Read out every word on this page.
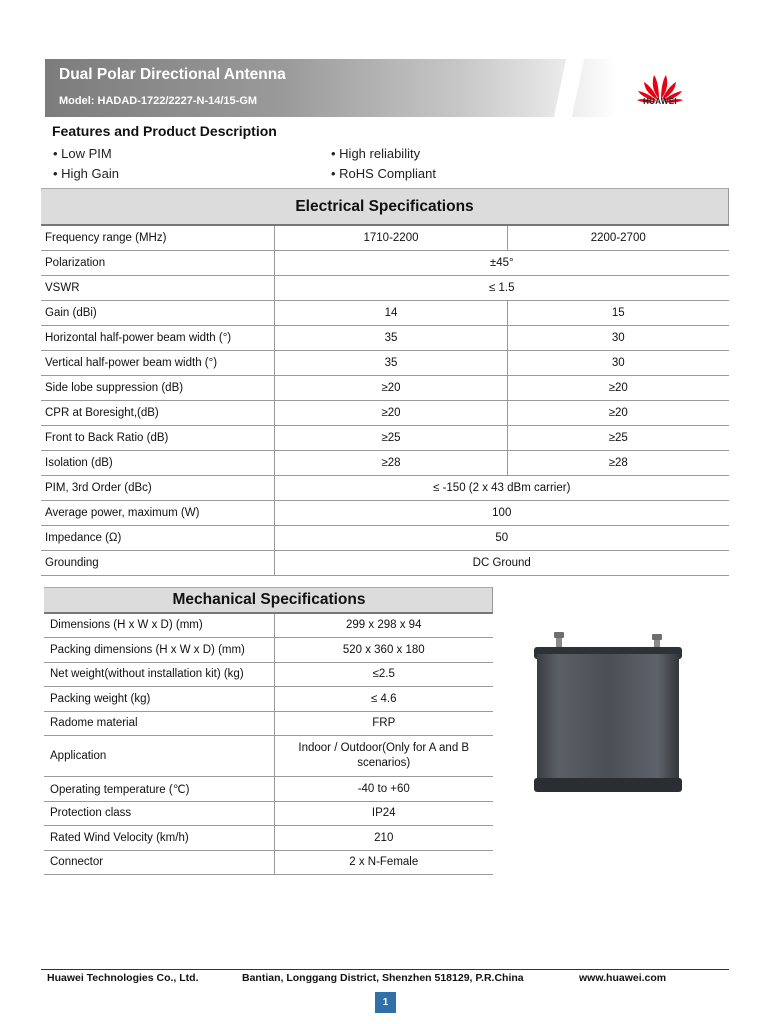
Dual Polar Directional Antenna
Model: HADAD-1722/2227-N-14/15-GM	HUAWEI
Features and Product Description
• Low PIM	• High reliability
• High Gain	• RoHS Compliant
Electrical Specifications		
Frequency range (MHz)	1710-2200	2200-2700
Polarization	±45°	
VSWR	≤ 1.5	
Gain (dBi)	14	15
Horizontal half-power beam width (°)	35	30
Vertical half-power beam width (°)	35	30
Side lobe suppression (dB)	≥20	≥20
CPR at Boresight,(dB)	≥20	≥20
Front to Back Ratio (dB)	≥25	≥25
Isolation (dB)	≥28	≥28
PIM, 3rd Order (dBc)	≤ -150 (2 x 43 dBm carrier)	
Average power, maximum (W)	100	
Impedance (Ω)	50	
Grounding	DC Ground	
Mechanical Specifications	
Dimensions (H x W x D) (mm)	299 x 298 x 94
Packing dimensions (H x W x D) (mm)	520 x 360 x 180
Net weight(without installation kit) (kg)	≤2.5
Packing weight (kg)	≤ 4.6
Radome material	FRP
Application	Indoor / Outdoor(Only for A and B scenarios)
Operating temperature (℃)	-40 to +60
Protection class	IP24
Rated Wind Velocity (km/h)	210
Connector	2 x N-Female
Huawei Technologies Co., Ltd.	Bantian, Longgang District, Shenzhen 518129, P.R.China	www.huawei.com
1
